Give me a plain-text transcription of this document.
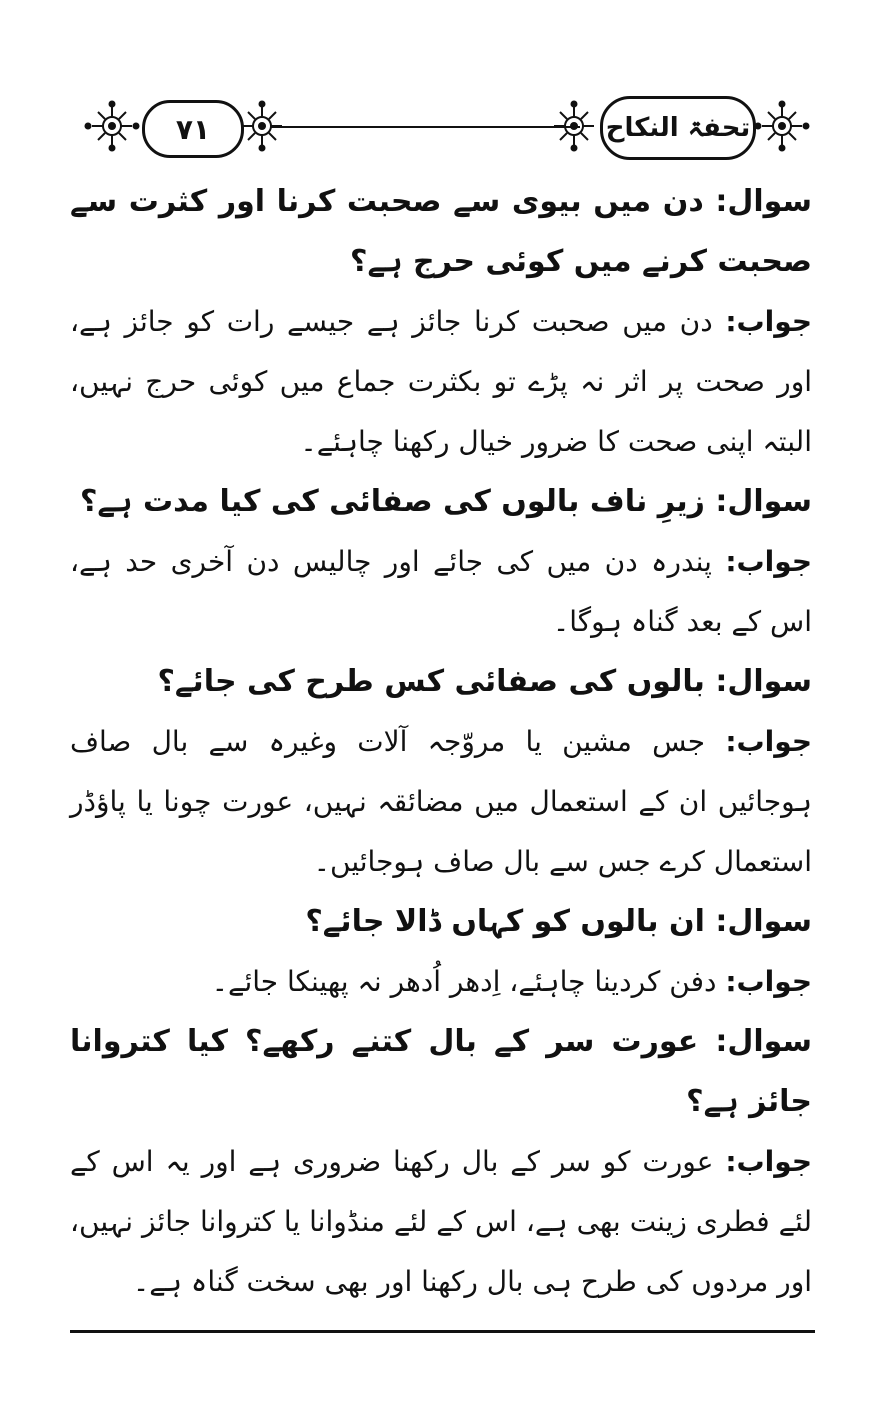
۷۱	تحفۃ النکاح

سوال: دن میں بیوی سے صحبت کرنا اور کثرت سے صحبت کرنے میں کوئی حرج ہے؟

جواب: دن میں صحبت کرنا جائز ہے جیسے رات کو جائز ہے، اور صحت پر اثر نہ پڑے تو بکثرت جماع میں کوئی حرج نہیں، البتہ اپنی صحت کا ضرور خیال رکھنا چاہئے۔

سوال: زیرِ ناف بالوں کی صفائی کی کیا مدت ہے؟

جواب: پندرہ دن میں کی جائے اور چالیس دن آخری حد ہے، اس کے بعد گناہ ہوگا۔

سوال: بالوں کی صفائی کس طرح کی جائے؟

جواب: جس مشین یا مروّجہ آلات وغیرہ سے بال صاف ہوجائیں ان کے استعمال میں مضائقہ نہیں، عورت چونا یا پاؤڈر استعمال کرے جس سے بال صاف ہوجائیں۔

سوال: ان بالوں کو کہاں ڈالا جائے؟

جواب: دفن کردینا چاہئے، اِدھر اُدھر نہ پھینکا جائے۔

سوال: عورت سر کے بال کتنے رکھے؟ کیا کتروانا جائز ہے؟

جواب: عورت کو سر کے بال رکھنا ضروری ہے اور یہ اس کے لئے فطری زینت بھی ہے، اس کے لئے منڈوانا یا کتروانا جائز نہیں، اور مردوں کی طرح ہی بال رکھنا اور بھی سخت گناہ ہے۔
